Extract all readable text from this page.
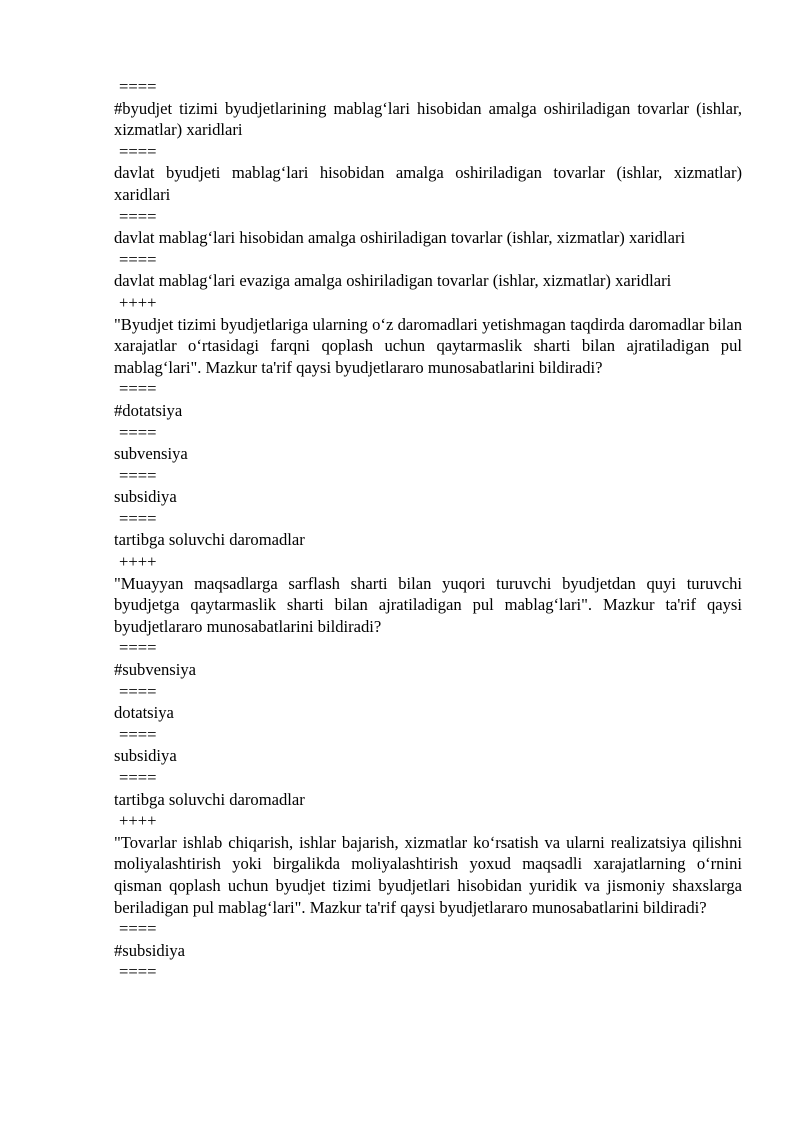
====
#byudjet tizimi byudjetlarining mablag‘lari hisobidan amalga oshiriladigan tovarlar (ishlar, xizmatlar) xaridlari
====
davlat byudjeti mablag‘lari hisobidan amalga oshiriladigan tovarlar (ishlar, xizmatlar) xaridlari
====
davlat mablag‘lari hisobidan amalga oshiriladigan tovarlar (ishlar, xizmatlar) xaridlari
====
davlat mablag‘lari evaziga amalga oshiriladigan tovarlar (ishlar, xizmatlar) xaridlari
++++
"Byudjet tizimi byudjetlariga ularning o‘z daromadlari yetishmagan taqdirda daromadlar bilan xarajatlar o‘rtasidagi farqni qoplash uchun qaytarmaslik sharti bilan ajratiladigan pul mablag‘lari". Mazkur ta'rif qaysi byudjetlararo munosabatlarini bildiradi?
====
#dotatsiya
====
subvensiya
====
subsidiya
====
tartibga soluvchi daromadlar
++++
"Muayyan maqsadlarga sarflash sharti bilan yuqori turuvchi byudjetdan quyi turuvchi byudjetga qaytarmaslik sharti bilan ajratiladigan pul mablag‘lari". Mazkur ta'rif qaysi byudjetlararo munosabatlarini bildiradi?
====
#subvensiya
====
dotatsiya
====
subsidiya
====
tartibga soluvchi daromadlar
++++
"Tovarlar ishlab chiqarish, ishlar bajarish, xizmatlar ko‘rsatish va ularni realizatsiya qilishni moliyalashtirish yoki birgalikda moliyalashtirish yoxud maqsadli xarajatlarning o‘rnini qisman qoplash uchun byudjet tizimi byudjetlari hisobidan yuridik va jismoniy shaxslarga beriladigan pul mablag‘lari". Mazkur ta'rif qaysi byudjetlararo munosabatlarini bildiradi?
====
#subsidiya
====
